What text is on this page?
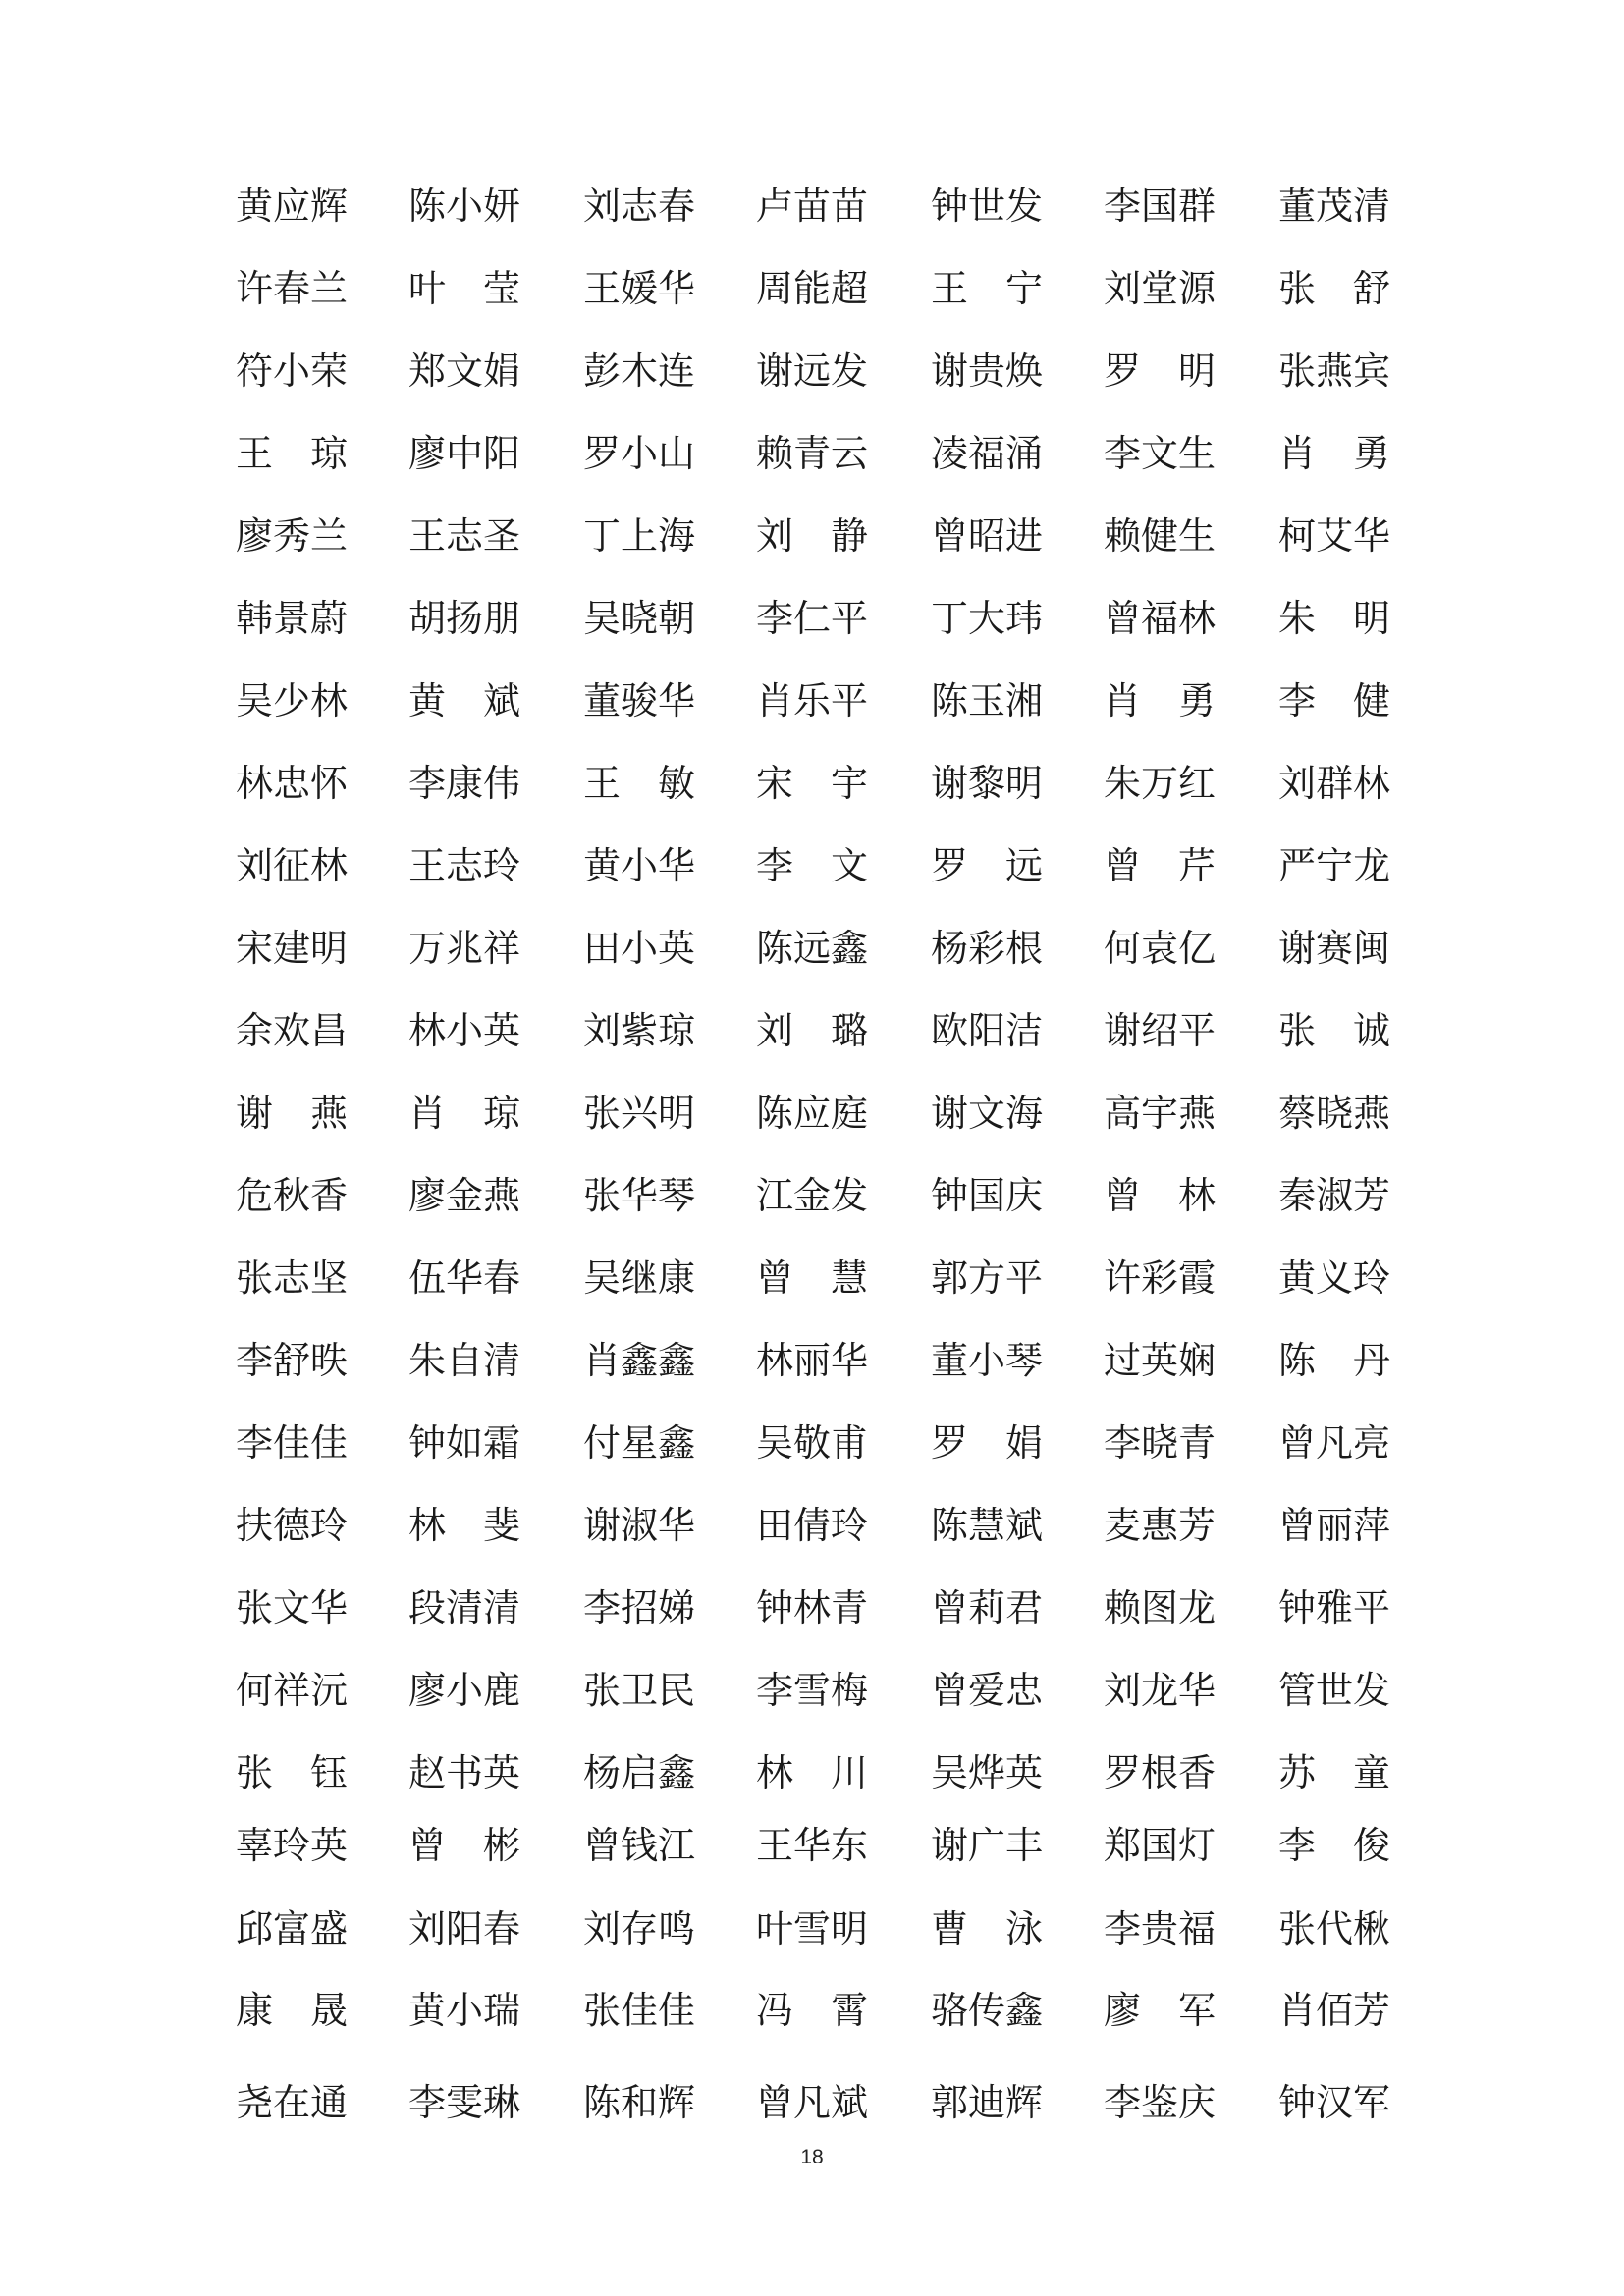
黄应辉 陈小妍 刘志春 卢苗苗 钟世发 李国群 董茂清
许春兰 叶　莹 王媛华 周能超 王　宁 刘堂源 张　舒
符小荣 郑文娟 彭木连 谢远发 谢贵焕 罗　明 张燕宾
王　琼 廖中阳 罗小山 赖青云 凌福涌 李文生 肖　勇
廖秀兰 王志圣 丁上海 刘　静 曾昭进 赖健生 柯艾华
韩景蔚 胡扬朋 吴晓朝 李仁平 丁大玮 曾福林 朱　明
吴少林 黄　斌 董骏华 肖乐平 陈玉湘 肖　勇 李　健
林忠怀 李康伟 王　敏 宋　宇 谢黎明 朱万红 刘群林
刘征林 王志玲 黄小华 李　文 罗　远 曾　芹 严宁龙
宋建明 万兆祥 田小英 陈远鑫 杨彩根 何袁亿 谢赛闽
余欢昌 林小英 刘紫琼 刘　璐 欧阳洁 谢绍平 张　诚
谢　燕 肖　琼 张兴明 陈应庭 谢文海 高宇燕 蔡晓燕
危秋香 廖金燕 张华琴 江金发 钟国庆 曾　林 秦淑芳
张志坚 伍华春 吴继康 曾　慧 郭方平 许彩霞 黄义玲
李舒昳 朱自清 肖鑫鑫 林丽华 董小琴 过英娴 陈　丹
李佳佳 钟如霜 付星鑫 吴敬甫 罗　娟 李晓青 曾凡亮
扶德玲 林　斐 谢淑华 田倩玲 陈慧斌 麦惠芳 曾丽萍
张文华 段清清 李招娣 钟林青 曾莉君 赖图龙 钟雅平
何祥沅 廖小鹿 张卫民 李雪梅 曾爱忠 刘龙华 管世发
张　钰 赵书英 杨启鑫 林　川 吴烨英 罗根香 苏　童
辜玲英 曾　彬 曾钱江 王华东 谢广丰 郑国灯 李　俊
邱富盛 刘阳春 刘存鸣 叶雪明 曹　泳 李贵福 张代楸
康　晟 黄小瑞 张佳佳 冯　霄 骆传鑫 廖　军 肖佰芳
尧在通 李雯琳 陈和辉 曾凡斌 郭迪辉 李鉴庆 钟汉军
18
